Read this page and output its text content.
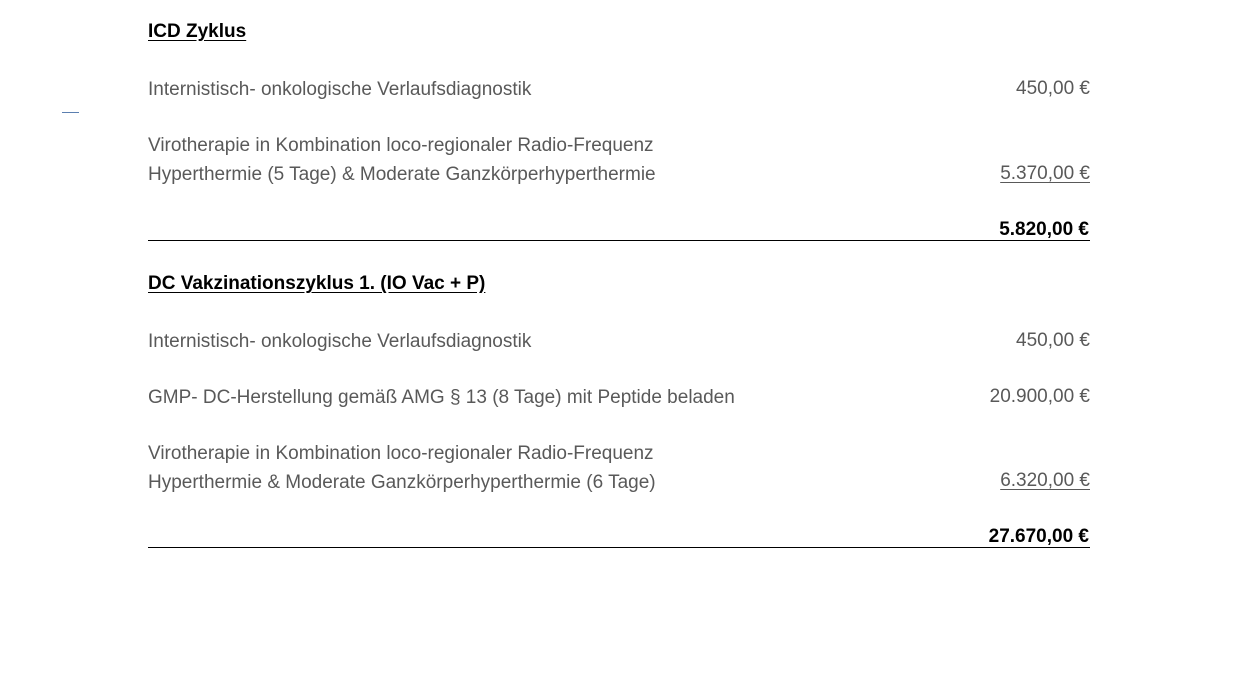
ICD Zyklus
Internistisch- onkologische Verlaufsdiagnostik	450,00 €
Virotherapie in Kombination loco-regionaler Radio-Frequenz
Hyperthermie (5 Tage) & Moderate Ganzkörperhyperthermie	5.370,00 €
5.820,00 €
DC Vakzinationszyklus 1. (IO Vac + P)
Internistisch- onkologische Verlaufsdiagnostik	450,00 €
GMP- DC-Herstellung gemäß AMG § 13 (8 Tage) mit Peptide beladen	20.900,00 €
Virotherapie in Kombination loco-regionaler Radio-Frequenz
Hyperthermie & Moderate Ganzkörperhyperthermie (6 Tage)	6.320,00 €
27.670,00 €
